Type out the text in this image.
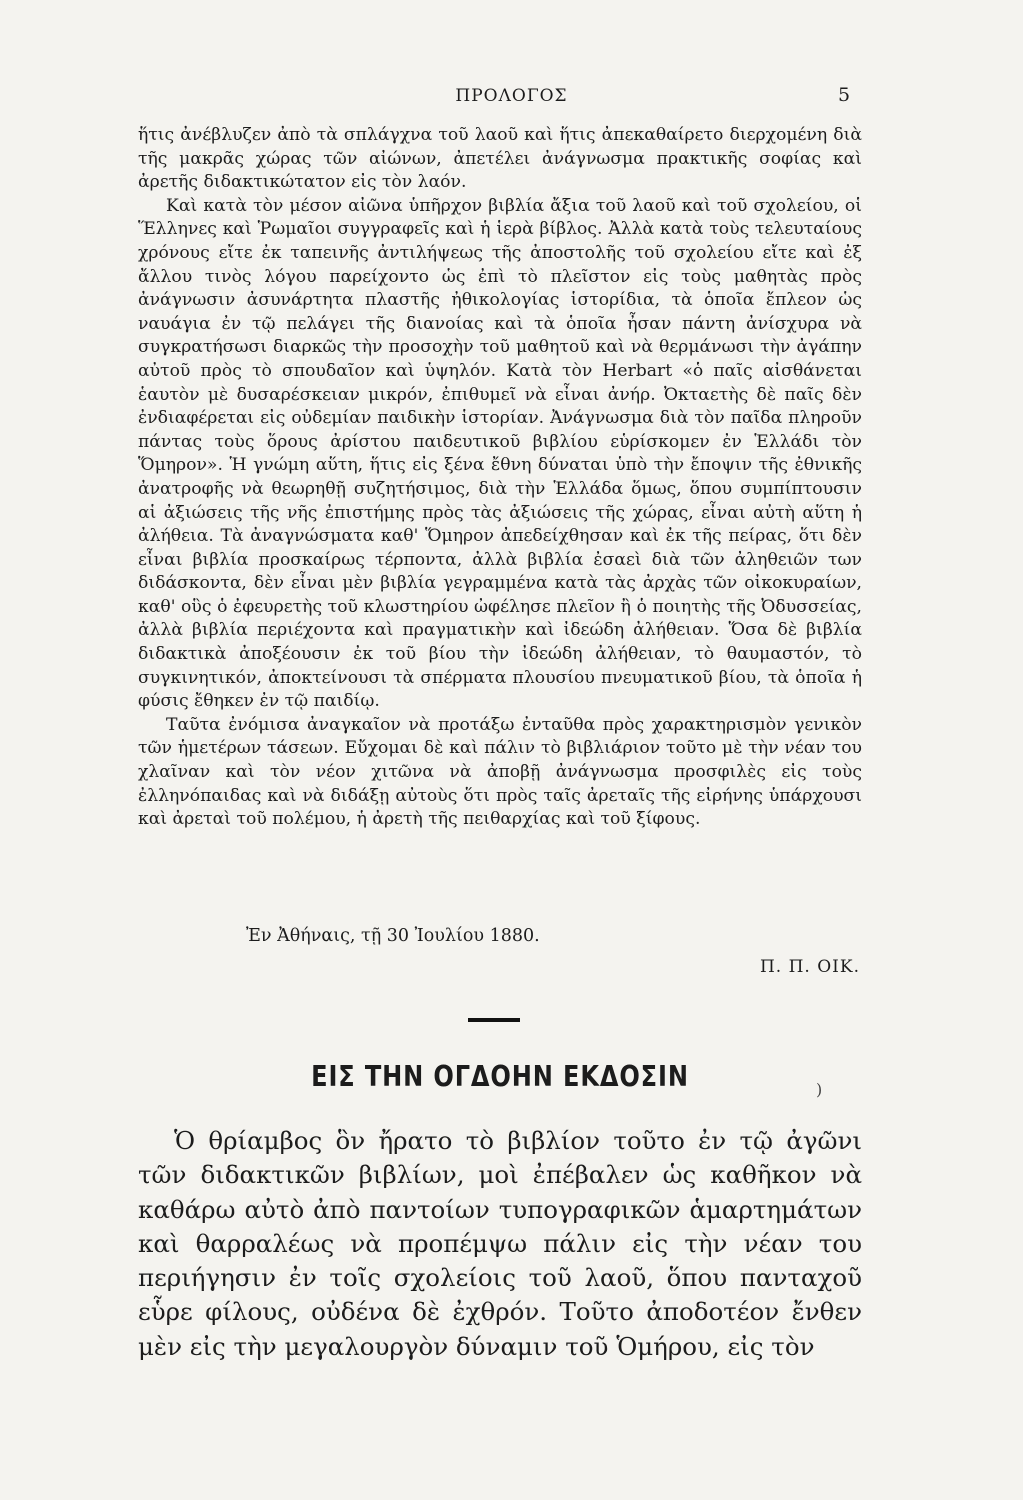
ΠΡΟΛΟΓΟΣ	5

ἥτις ἀνέβλυζεν ἀπὸ τὰ σπλάγχνα τοῦ λαοῦ καὶ ἥτις ἀπεκαθαίρετο διερχομένη διὰ τῆς μακρᾶς χώρας τῶν αἰώνων, ἀπετέλει ἀνάγνωσμα πρακτικῆς σοφίας καὶ ἀρετῆς διδακτικώτατον εἰς τὸν λαόν.

Καὶ κατὰ τὸν μέσον αἰῶνα ὑπῆρχον βιβλία ἄξια τοῦ λαοῦ καὶ τοῦ σχολείου, οἱ Ἕλληνες καὶ Ῥωμαῖοι συγγραφεῖς καὶ ἡ ἱερὰ βίβλος. Ἀλλὰ κατὰ τοὺς τελευταίους χρόνους εἴτε ἐκ ταπεινῆς ἀντιλήψεως τῆς ἀποστολῆς τοῦ σχολείου εἴτε καὶ ἐξ ἄλλου τινὸς λόγου παρείχοντο ὡς ἐπὶ τὸ πλεῖστον εἰς τοὺς μαθητὰς πρὸς ἀνάγνωσιν ἀσυνάρτητα πλαστῆς ἠθικολογίας ἱστορίδια, τὰ ὁποῖα ἔπλεον ὡς ναυάγια ἐν τῷ πελάγει τῆς διανοίας καὶ τὰ ὁποῖα ἦσαν πάντη ἀνίσχυρα νὰ συγκρατήσωσι διαρκῶς τὴν προσοχὴν τοῦ μαθητοῦ καὶ νὰ θερμάνωσι τὴν ἀγάπην αὐτοῦ πρὸς τὸ σπουδαῖον καὶ ὑψηλόν. Κατὰ τὸν Herbart «ὁ παῖς αἰσθάνεται ἑαυτὸν μὲ δυσαρέσκειαν μικρόν, ἐπιθυμεῖ νὰ εἶναι ἀνήρ. Ὀκταετὴς δὲ παῖς δὲν ἐνδιαφέρεται εἰς οὐδεμίαν παιδικὴν ἱστορίαν. Ἀνάγνωσμα διὰ τὸν παῖδα πληροῦν πάντας τοὺς ὅρους ἀρίστου παιδευτικοῦ βιβλίου εὑρίσκομεν ἐν Ἑλλάδι τὸν Ὅμηρον». Ἡ γνώμη αὕτη, ἥτις εἰς ξένα ἔθνη δύναται ὑπὸ τὴν ἔποψιν τῆς ἐθνικῆς ἀνατροφῆς νὰ θεωρηθῇ συζητήσιμος, διὰ τὴν Ἑλλάδα ὅμως, ὅπου συμπίπτουσιν αἱ ἀξιώσεις τῆς νῆς ἐπιστήμης πρὸς τὰς ἀξιώσεις τῆς χώρας, εἶναι αὐτὴ αὕτη ἡ ἀλήθεια. Τὰ ἀναγνώσματα καθ' Ὅμηρον ἀπεδείχθησαν καὶ ἐκ τῆς πείρας, ὅτι δὲν εἶναι βιβλία προσκαίρως τέρποντα, ἀλλὰ βιβλία ἐσαεὶ διὰ τῶν ἀληθειῶν των διδάσκοντα, δὲν εἶναι μὲν βιβλία γεγραμμένα κατὰ τὰς ἀρχὰς τῶν οἰκοκυραίων, καθ' οὓς ὁ ἐφευρετὴς τοῦ κλωστηρίου ὠφέλησε πλεῖον ἢ ὁ ποιητὴς τῆς Ὀδυσσείας, ἀλλὰ βιβλία περιέχοντα καὶ πραγματικὴν καὶ ἰδεώδη ἀλήθειαν. Ὅσα δὲ βιβλία διδακτικὰ ἀποξέουσιν ἐκ τοῦ βίου τὴν ἰδεώδη ἀλήθειαν, τὸ θαυμαστόν, τὸ συγκινητικόν, ἀποκτείνουσι τὰ σπέρματα πλουσίου πνευματικοῦ βίου, τὰ ὁποῖα ἡ φύσις ἔθηκεν ἐν τῷ παιδίῳ.

Ταῦτα ἐνόμισα ἀναγκαῖον νὰ προτάξω ἐνταῦθα πρὸς χαρακτηρισμὸν γενικὸν τῶν ἡμετέρων τάσεων. Εὔχομαι δὲ καὶ πάλιν τὸ βιβλιάριον τοῦτο μὲ τὴν νέαν του χλαῖναν καὶ τὸν νέον χιτῶνα νὰ ἀποβῇ ἀνάγνωσμα προσφιλὲς εἰς τοὺς ἐλληνόπαιδας καὶ νὰ διδάξῃ αὐτοὺς ὅτι πρὸς ταῖς ἀρεταῖς τῆς εἰρήνης ὑπάρχουσι καὶ ἀρεταὶ τοῦ πολέμου, ἡ ἀρετὴ τῆς πειθαρχίας καὶ τοῦ ξίφους.

Ἐν Ἀθήναις, τῇ 30 Ἰουλίου 1880.
Π. Π. ΟΙΚ.
ΕΙΣ ΤΗΝ ΟΓΔΟΗΝ ΕΚΔΟΣΙΝ	)

Ὁ θρίαμβος ὃν ἤρατο τὸ βιβλίον τοῦτο ἐν τῷ ἀγῶνι τῶν διδακτικῶν βιβλίων, μοὶ ἐπέβαλεν ὡς καθῆκον νὰ καθάρω αὐτὸ ἀπὸ παντοίων τυπογραφικῶν ἁμαρτημάτων καὶ θαρραλέως νὰ προπέμψω πάλιν εἰς τὴν νέαν του περιήγησιν ἐν τοῖς σχολείοις τοῦ λαοῦ, ὅπου πανταχοῦ εὗρε φίλους, οὐδένα δὲ ἐχθρόν. Τοῦτο ἀποδοτέον ἔνθεν μὲν εἰς τὴν μεγαλουργὸν δύναμιν τοῦ Ὁμήρου, εἰς τὸν
